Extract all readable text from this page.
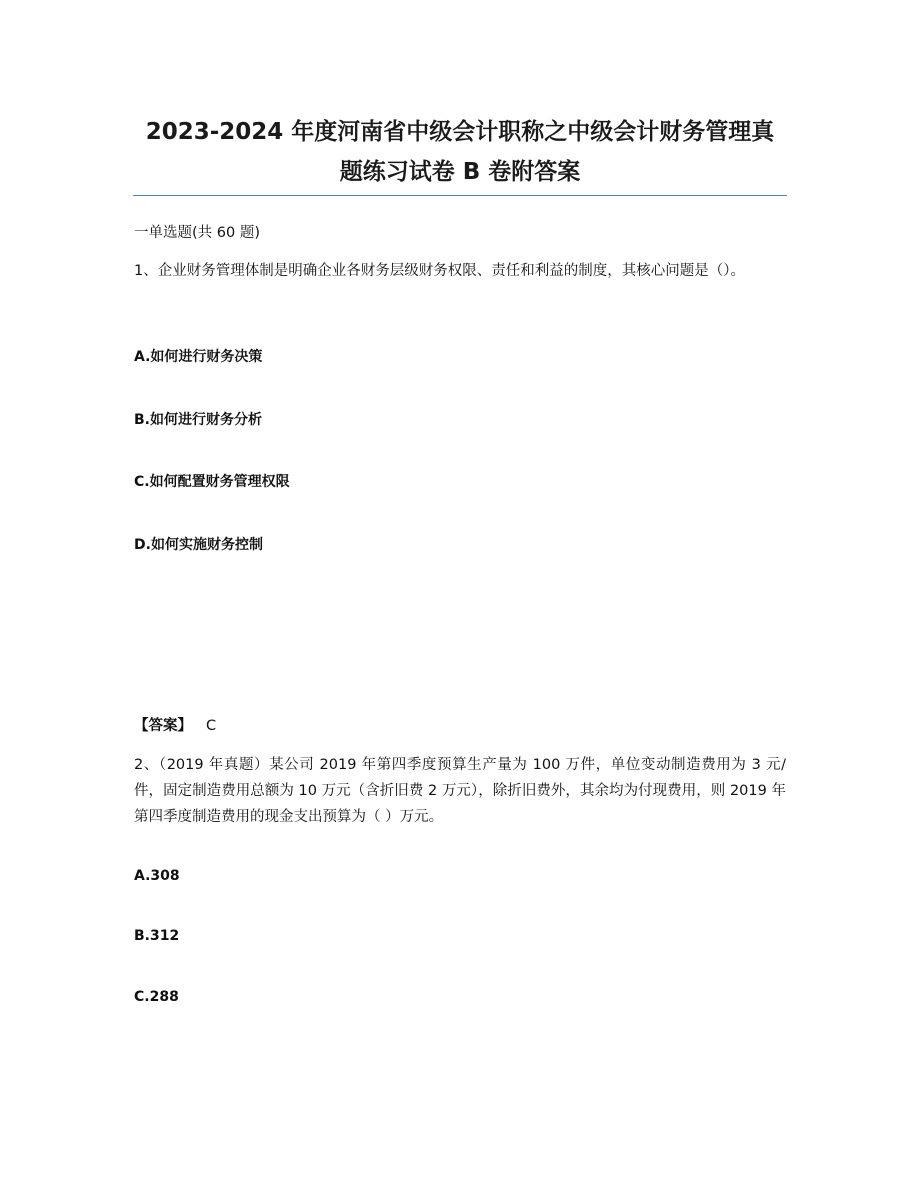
2023-2024 年度河南省中级会计职称之中级会计财务管理真
题练习试卷 B 卷附答案
一单选题(共 60 题)
1、企业财务管理体制是明确企业各财务层级财务权限、责任和利益的制度，其核心问题是（）。
A.如何进行财务决策
B.如何进行财务分析
C.如何配置财务管理权限
D.如何实施财务控制
【答案】 C
2、（2019 年真题）某公司 2019 年第四季度预算生产量为 100 万件，单位变动制造费用为 3 元/件，固定制造费用总额为 10 万元（含折旧费 2 万元），除折旧费外，其余均为付现费用，则 2019 年第四季度制造费用的现金支出预算为（ ）万元。
A.308
B.312
C.288
